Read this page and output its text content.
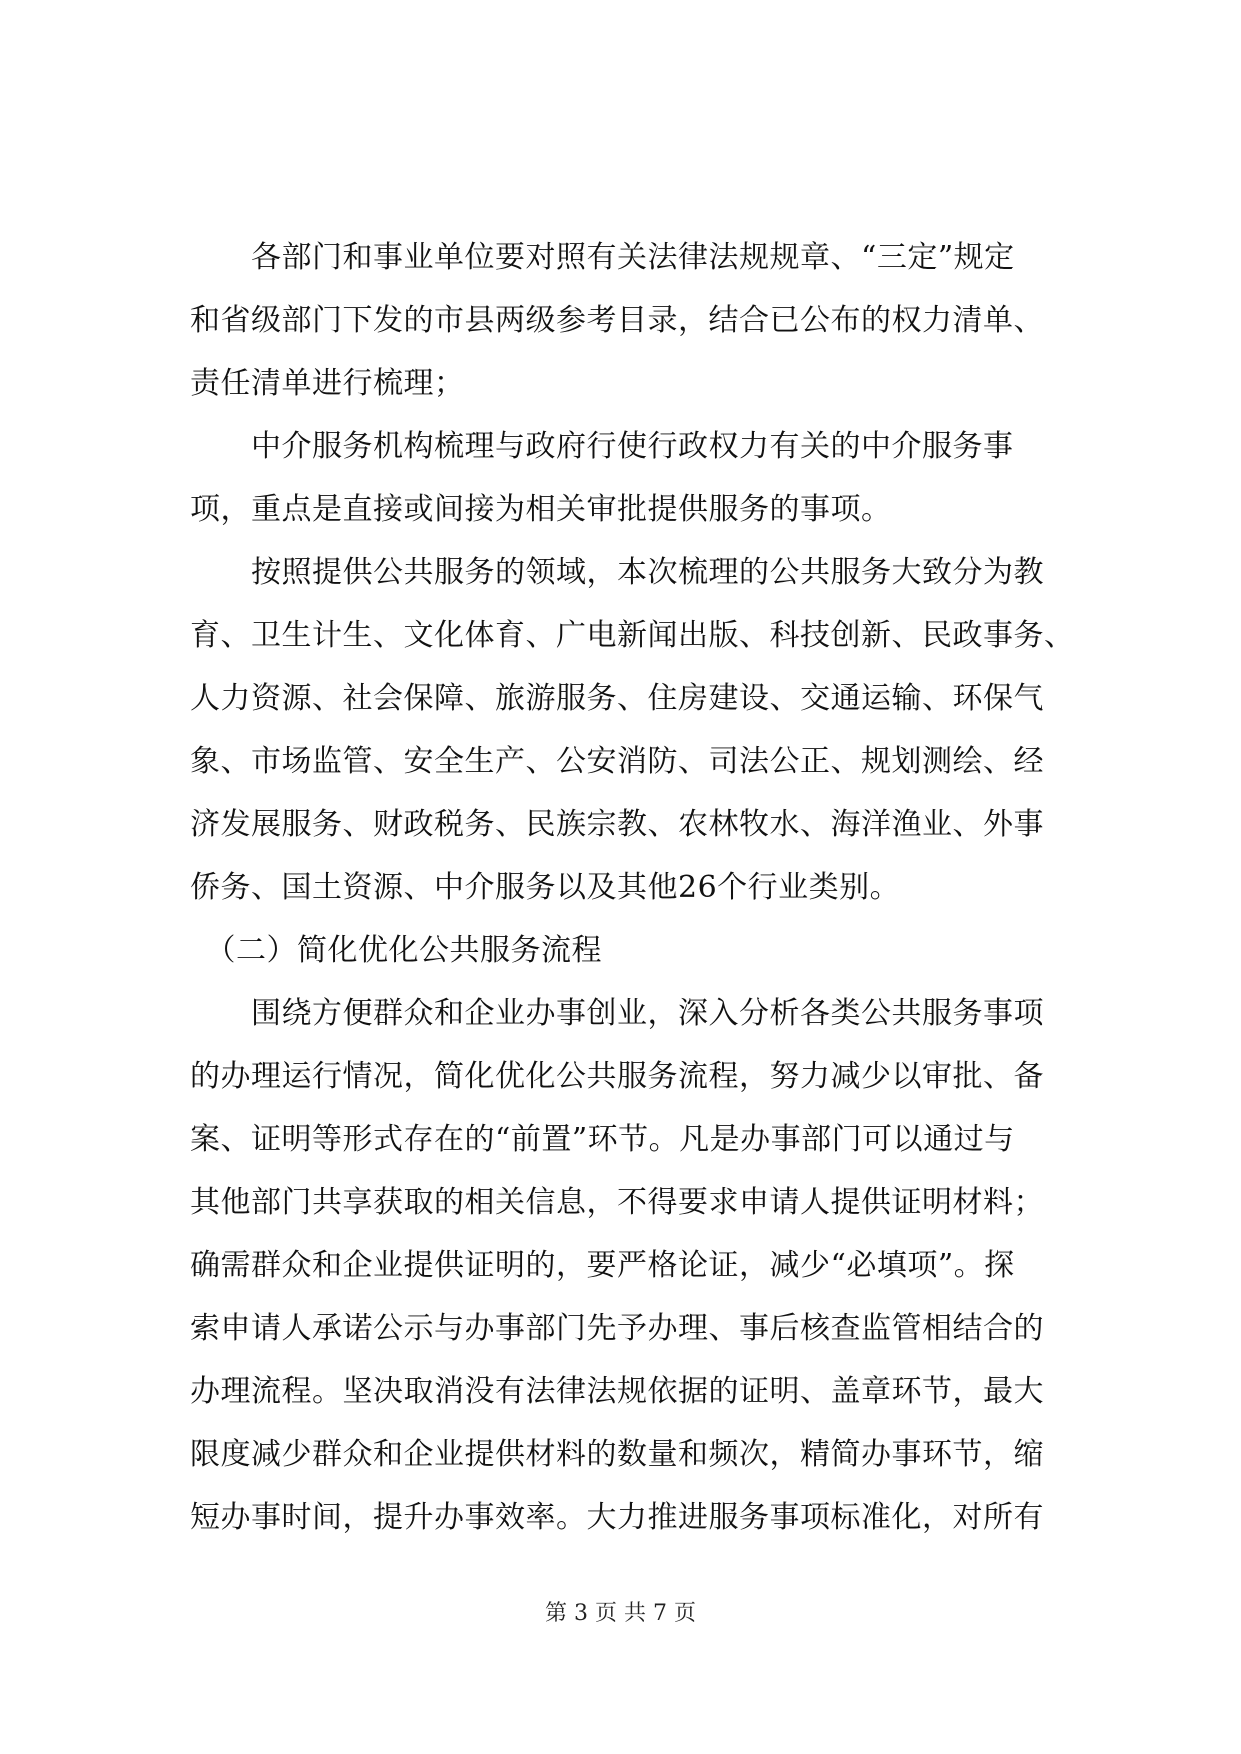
　　各部门和事业单位要对照有关法律法规规章、“三定”规定
和省级部门下发的市县两级参考目录，结合已公布的权力清单、
责任清单进行梳理；
　　中介服务机构梳理与政府行使行政权力有关的中介服务事
项，重点是直接或间接为相关审批提供服务的事项。
　　按照提供公共服务的领域，本次梳理的公共服务大致分为教
育、卫生计生、文化体育、广电新闻出版、科技创新、民政事务、
人力资源、社会保障、旅游服务、住房建设、交通运输、环保气
象、市场监管、安全生产、公安消防、司法公正、规划测绘、经
济发展服务、财政税务、民族宗教、农林牧水、海洋渔业、外事
侨务、国土资源、中介服务以及其他26个行业类别。
　（二）简化优化公共服务流程
　　围绕方便群众和企业办事创业，深入分析各类公共服务事项
的办理运行情况，简化优化公共服务流程，努力减少以审批、备
案、证明等形式存在的“前置”环节。凡是办事部门可以通过与
其他部门共享获取的相关信息，不得要求申请人提供证明材料；
确需群众和企业提供证明的，要严格论证，减少“必填项”。探
索申请人承诺公示与办事部门先予办理、事后核查监管相结合的
办理流程。坚决取消没有法律法规依据的证明、盖章环节，最大
限度减少群众和企业提供材料的数量和频次，精简办事环节，缩
短办事时间，提升办事效率。大力推进服务事项标准化，对所有
第 3 页 共 7 页
